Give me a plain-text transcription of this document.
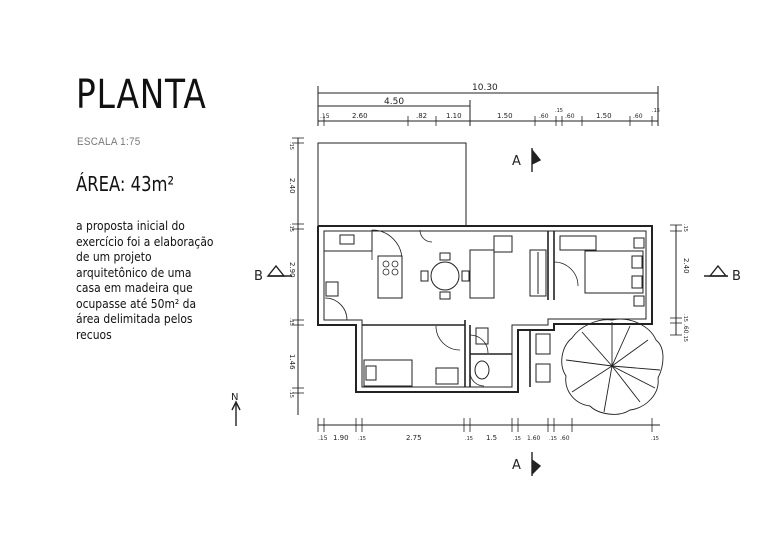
PLANTA
ESCALA 1:75
ÁREA: 43m²
a proposta inicial do exercício foi a elaboração de um projeto arquitetônico de uma casa em madeira que ocupasse até 50m² da área delimitada pelos recuos
10.30
4.50
.15	2.60	.82	1.10	1.50	.60
.15
.60	1.50	.60
.15
.15 1.90 .15	2.75	.15 1.5	.15 1.60 .15 .60	.15
.15
2.40
.15
2.90
.15
1.46
.15
.15
2.40
.15
.60
.15
A
A
B	B
N
